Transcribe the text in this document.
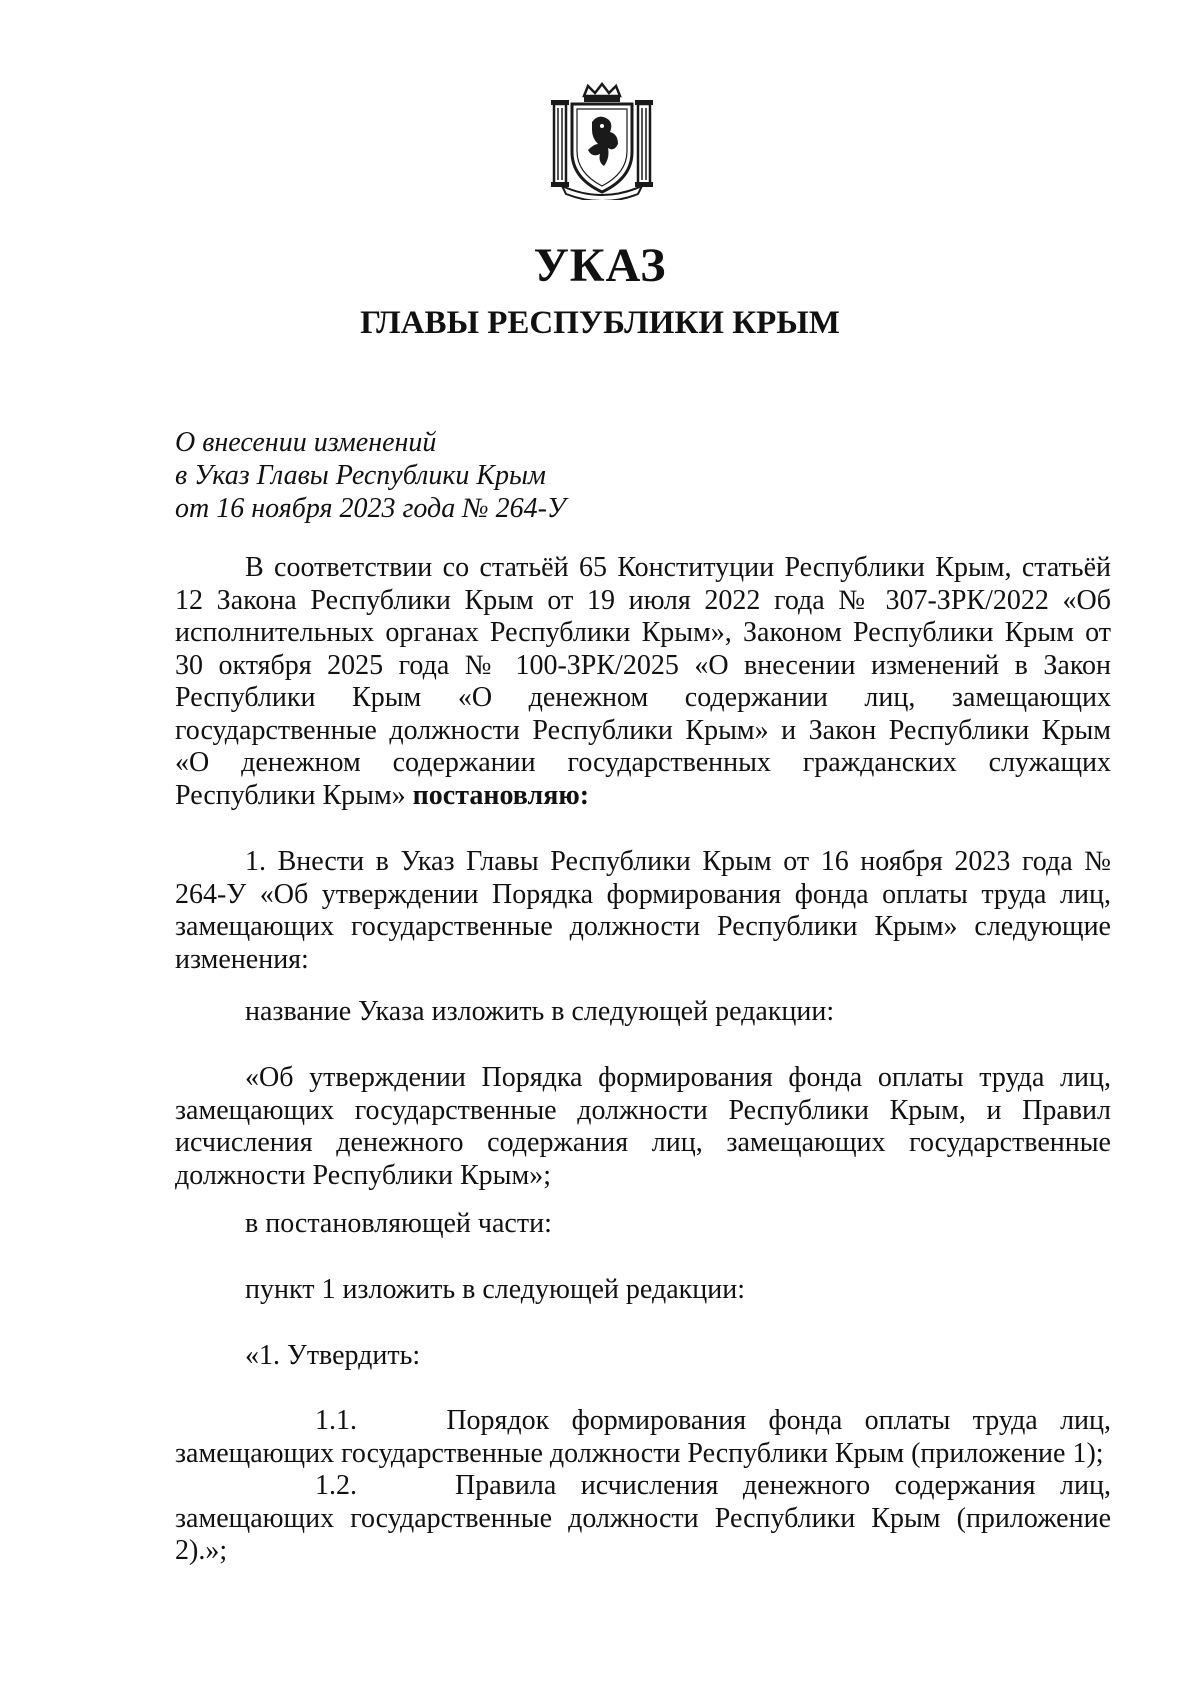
УКАЗ
ГЛАВЫ РЕСПУБЛИКИ КРЫМ
О внесении изменений
в Указ Главы Республики Крым
от 16 ноября 2023 года № 264-У
В соответствии со статьёй 65 Конституции Республики Крым, статьёй 12 Закона Республики Крым от 19 июля 2022 года № 307-ЗРК/2022 «Об исполнительных органах Республики Крым», Законом Республики Крым от 30 октября 2025 года № 100-ЗРК/2025 «О внесении изменений в Закон Республики Крым «О денежном содержании лиц, замещающих государственные должности Республики Крым» и Закон Республики Крым «О денежном содержании государственных гражданских служащих Республики Крым» постановляю:
1. Внести в Указ Главы Республики Крым от 16 ноября 2023 года № 264-У «Об утверждении Порядка формирования фонда оплаты труда лиц, замещающих государственные должности Республики Крым» следующие изменения:
название Указа изложить в следующей редакции:
«Об утверждении Порядка формирования фонда оплаты труда лиц, замещающих государственные должности Республики Крым, и Правил исчисления денежного содержания лиц, замещающих государственные должности Республики Крым»;
в постановляющей части:
пункт 1 изложить в следующей редакции:
«1. Утвердить:
1.1.	Порядок формирования фонда оплаты труда лиц, замещающих государственные должности Республики Крым (приложение 1);
1.2.	Правила исчисления денежного содержания лиц, замещающих государственные должности Республики Крым (приложение 2).»;
